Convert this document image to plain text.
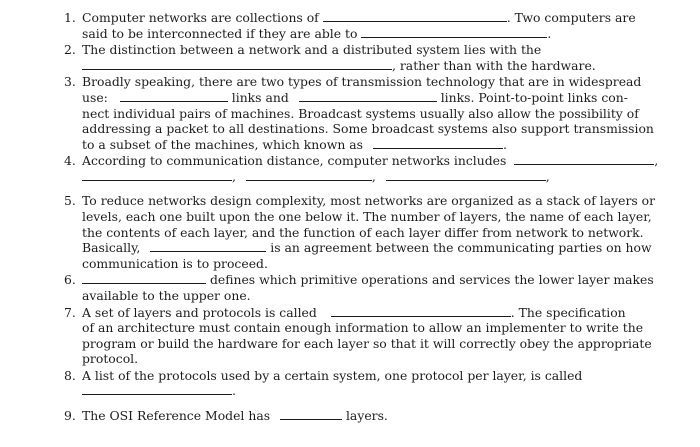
1. Computer networks are collections of	. Two computers are
said to be interconnected if they are able to	.
2. The distinction between a network and a distributed system lies with the
, rather than with the hardware.
3. Broadly speaking, there are two types of transmission technology that are in widespread
use:	links and	links. Point-to-point links con-
nect individual pairs of machines. Broadcast systems usually also allow the possibility of
addressing a packet to all destinations. Some broadcast systems also support transmission
to a subset of the machines, which known as	.
4. According to communication distance, computer networks includes	,
,	,	,
5. To reduce networks design complexity, most networks are organized as a stack of layers or
levels, each one built upon the one below it. The number of layers, the name of each layer,
the contents of each layer, and the function of each layer differ from network to network.
Basically,	is an agreement between the communicating parties on how
communication is to proceed.
6.	defines which primitive operations and services the lower layer makes
available to the upper one.
7. A set of layers and protocols is called	. The specification
of an architecture must contain enough information to allow an implementer to write the
program or build the hardware for each layer so that it will correctly obey the appropriate
protocol.
8. A list of the protocols used by a certain system, one protocol per layer, is called
.
9. The OSI Reference Model has	layers.
